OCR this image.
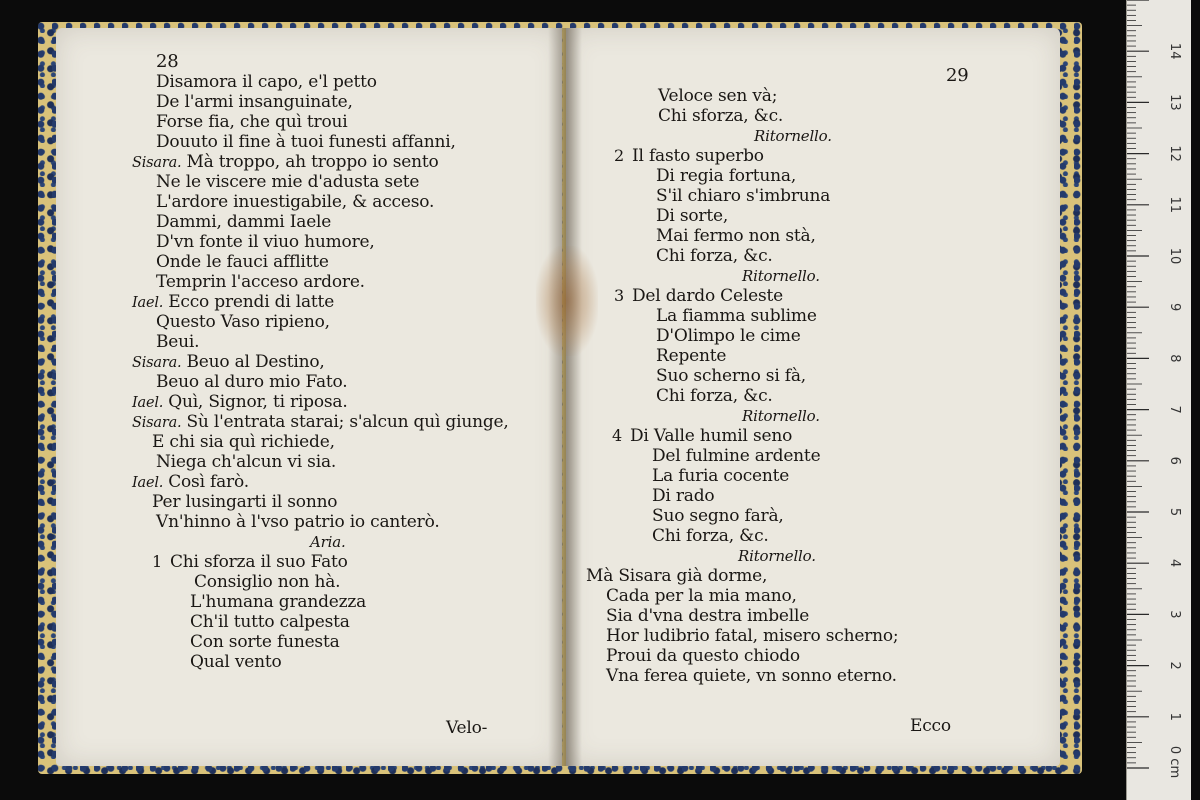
28
Disamora il capo, e'l petto
De l'armi insanguinate,
Forse fia, che quì troui
Douuto il fine à tuoi funesti affanni,
Sisara. Mà troppo, ah troppo io sento
Ne le viscere mie d'adusta sete
L'ardore inuestigabile, & acceso.
Dammi, dammi Iaele
D'vn fonte il viuo humore,
Onde le fauci afflitte
Temprin l'acceso ardore.
Iael. Ecco prendi di latte
Questo Vaso ripieno,
Beui.
Sisara. Beuo al Destino,
Beuo al duro mio Fato.
Iael. Quì, Signor, ti riposa.
Sisara. Sù l'entrata starai; s'alcun quì giunge,
E chi sia quì richiede,
Niega ch'alcun vi sia.
Iael. Così farò.
Per lusingarti il sonno
Vn'hinno à l'vso patrio io canterò.
Aria.
1 Chi sforza il suo Fato
Consiglio non hà.
L'humana grandezza
Ch'il tutto calpesta
Con sorte funesta
Qual vento
Velo-
29
Veloce sen và;
Chi sforza, &c.
Ritornello.
2 Il fasto superbo
Di regia fortuna,
S'il chiaro s'imbruna
Di sorte,
Mai fermo non stà,
Chi forza, &c.
Ritornello.
3 Del dardo Celeste
La fiamma sublime
D'Olimpo le cime
Repente
Suo scherno si fà,
Chi forza, &c.
Ritornello.
4 Di Valle humil seno
Del fulmine ardente
La furia cocente
Di rado
Suo segno farà,
Chi forza, &c.
Ritornello.
Mà Sisara già dorme,
Cada per la mia mano,
Sia d'vna destra imbelle
Hor ludibrio fatal, misero scherno;
Proui da questo chiodo
Vna ferea quiete, vn sonno eterno.
Ecco
0 cm
1
2
3
4
5
6
7
8
9
10
11
12
13
14
